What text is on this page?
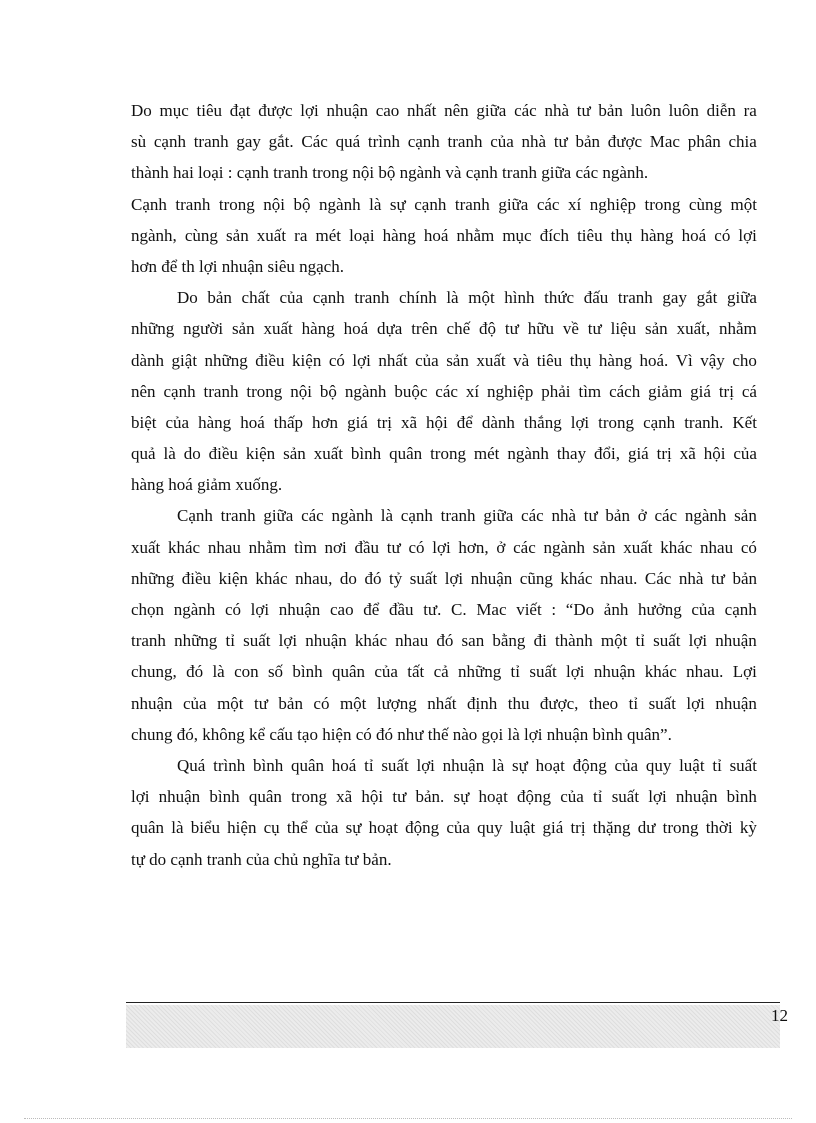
Do mục tiêu đạt được lợi nhuận cao nhất nên giữa các nhà tư bản luôn luôn diễn ra
sù cạnh tranh gay gắt. Các quá trình cạnh tranh của nhà tư bản được Mac phân chia
thành hai loại : cạnh tranh trong nội bộ ngành và cạnh tranh giữa các ngành.
Cạnh tranh trong nội bộ ngành là sự cạnh tranh giữa các xí nghiệp trong cùng một
ngành, cùng sản xuất ra mét loại hàng hoá nhằm mục đích tiêu thụ hàng hoá có lợi
hơn để th lợi nhuận siêu ngạch.
Do bản chất của cạnh tranh chính là một hình thức đấu tranh gay gắt giữa
những người sản xuất hàng hoá dựa trên chế độ tư hữu về tư liệu sản xuất, nhằm
dành giật những điều kiện có lợi nhất của sản xuất và tiêu thụ hàng hoá. Vì vậy cho
nên cạnh tranh trong nội bộ ngành buộc các xí nghiệp phải tìm cách giảm giá trị cá
biệt của hàng hoá thấp hơn giá trị xã hội để dành thắng lợi trong cạnh tranh. Kết
quả là do điều kiện sản xuất bình quân trong mét ngành thay đổi, giá trị xã hội của
hàng hoá giảm xuống.
Cạnh tranh giữa các ngành là cạnh tranh giữa các nhà tư bản ở các ngành sản
xuất khác nhau nhằm tìm nơi đầu tư có lợi hơn, ở các ngành sản xuất khác nhau có
những điều kiện khác nhau, do đó tỷ suất lợi nhuận cũng khác nhau. Các nhà tư bản
chọn ngành có lợi nhuận cao để đầu tư. C. Mac viết : “Do ảnh hưởng của cạnh
tranh những tỉ suất lợi nhuận khác nhau đó san bằng đi thành một tỉ suất lợi nhuận
chung, đó là con số bình quân của tất cả những tỉ suất lợi nhuận khác nhau. Lợi
nhuận của một tư bản có một lượng nhất định thu được, theo tỉ suất lợi nhuận
chung đó, không kể cấu tạo hiện có đó như thế nào gọi là lợi nhuận bình quân”.
Quá trình bình quân hoá tỉ suất lợi nhuận là sự hoạt động của quy luật tỉ suất
lợi nhuận bình quân trong xã hội tư bản. sự hoạt động của tỉ suất lợi nhuận bình
quân là biểu hiện cụ thể của sự hoạt động của quy luật giá trị thặng dư trong thời kỳ
tự do cạnh tranh của chủ nghĩa tư bản.
12
